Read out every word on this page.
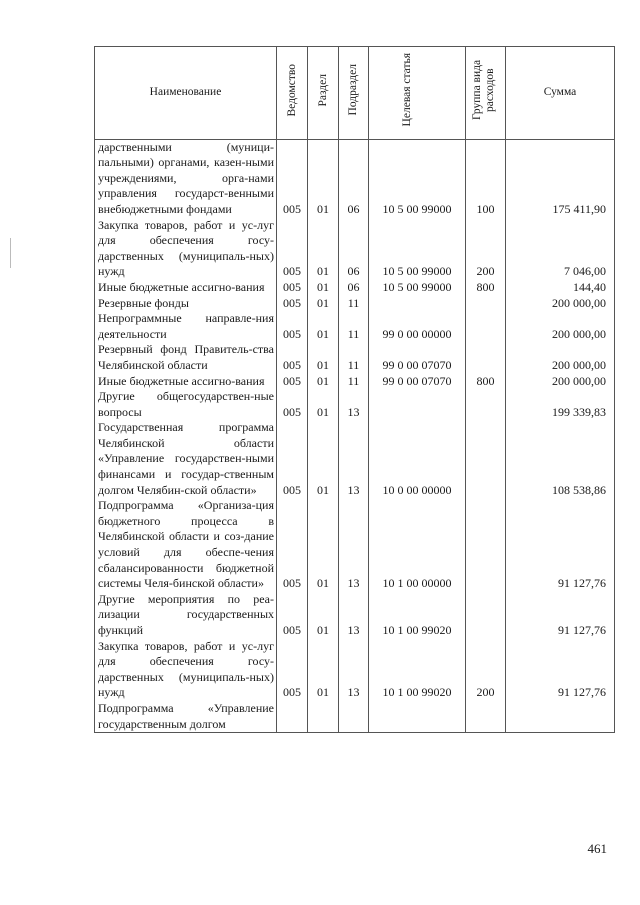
Наименование	Ведомство	Раздел	Подраздел	Целевая статья	Группа вида расходов	Сумма
дарственными (муници-пальными) органами, казен-ными учреждениями, орга-нами управления государст-венными внебюджетными фондами	005	01	06	10 5 00 99000	100	175 411,90
Закупка товаров, работ и ус-луг для обеспечения госу-дарственных (муниципаль-ных) нужд	005	01	06	10 5 00 99000	200	7 046,00
Иные бюджетные ассигно-вания	005	01	06	10 5 00 99000	800	144,40
Резервные фонды	005	01	11			200 000,00
Непрограммные направле-ния деятельности	005	01	11	99 0 00 00000		200 000,00
Резервный фонд Правитель-ства Челябинской области	005	01	11	99 0 00 07070		200 000,00
Иные бюджетные ассигно-вания	005	01	11	99 0 00 07070	800	200 000,00
Другие общегосударствен-ные вопросы	005	01	13			199 339,83
Государственная программа Челябинской области «Управление государствен-ными финансами и государ-ственным долгом Челябин-ской области»	005	01	13	10 0 00 00000		108 538,86
Подпрограмма «Организа-ция бюджетного процесса в Челябинской области и соз-дание условий для обеспе-чения сбалансированности бюджетной системы Челя-бинской области»	005	01	13	10 1 00 00000		91 127,76
Другие мероприятия по реа-лизации государственных функций	005	01	13	10 1 00 99020		91 127,76
Закупка товаров, работ и ус-луг для обеспечения госу-дарственных (муниципаль-ных) нужд	005	01	13	10 1 00 99020	200	91 127,76
Подпрограмма «Управление государственным долгом						
461
